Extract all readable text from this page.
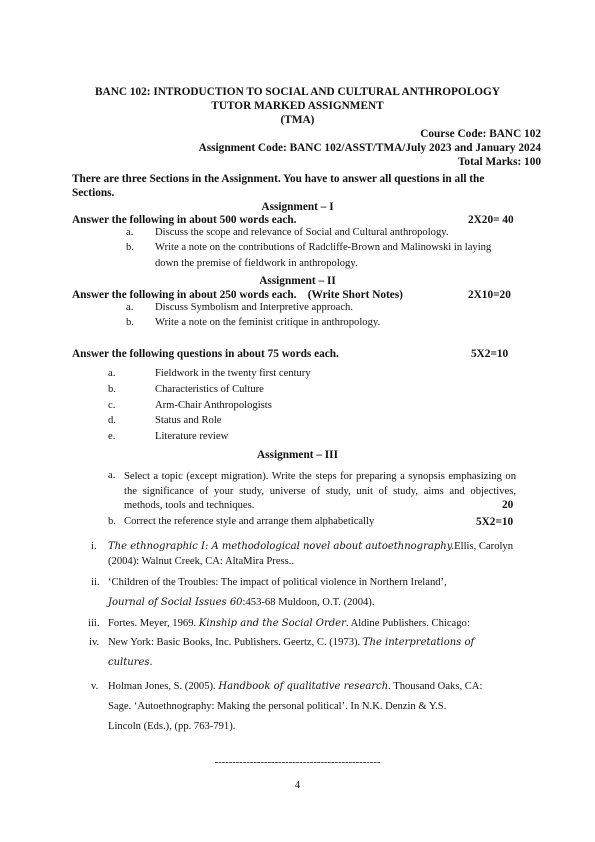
BANC 102: INTRODUCTION TO SOCIAL AND CULTURAL ANTHROPOLOGY
TUTOR MARKED ASSIGNMENT
(TMA)
Course Code: BANC 102
Assignment Code: BANC 102/ASST/TMA/July 2023 and January 2024
Total Marks: 100
There are three Sections in the Assignment. You have to answer all questions in all the
Sections.
Assignment – I
Answer the following in about 500 words each.	2X20= 40
a. Discuss the scope and relevance of Social and Cultural anthropology.
b. Write a note on the contributions of Radcliffe-Brown and Malinowski in laying
down the premise of fieldwork in anthropology.
Assignment – II
Answer the following in about 250 words each.    (Write Short Notes)	2X10=20
a. Discuss Symbolism and Interpretive approach.
b. Write a note on the feminist critique in anthropology.
Answer the following questions in about 75 words each.	5X2=10
a.	Fieldwork in the twenty first century
b.	Characteristics of Culture
c.	Arm-Chair Anthropologists
d.	Status and Role
e.	Literature review
Assignment – III
a. Select a topic (except migration). Write the steps for preparing a synopsis emphasizing on the significance of your study, universe of study, unit of study, aims and objectives, methods, tools and techniques.	20
b. Correct the reference style and arrange them alphabetically	5X2=10
i. The ethnographic I: A methodological novel about autoethnography.Ellis, Carolyn
(2004): Walnut Creek, CA: AltaMira Press..
ii. ‘Children of the Troubles: The impact of political violence in Northern Ireland’,
Journal of Social Issues 60:453-68 Muldoon, O.T. (2004).
iii. Fortes. Meyer, 1969. Kinship and the Social Order. Aldine Publishers. Chicago:
iv. New York: Basic Books, Inc. Publishers. Geertz, C. (1973). The interpretations of
cultures.
v. Holman Jones, S. (2005). Handbook of qualitative research. Thousand Oaks, CA:
Sage. ‘Autoethnography: Making the personal political’. In N.K. Denzin & Y.S.
Lincoln (Eds.), (pp. 763-791).
-----------------------------------------------
4
